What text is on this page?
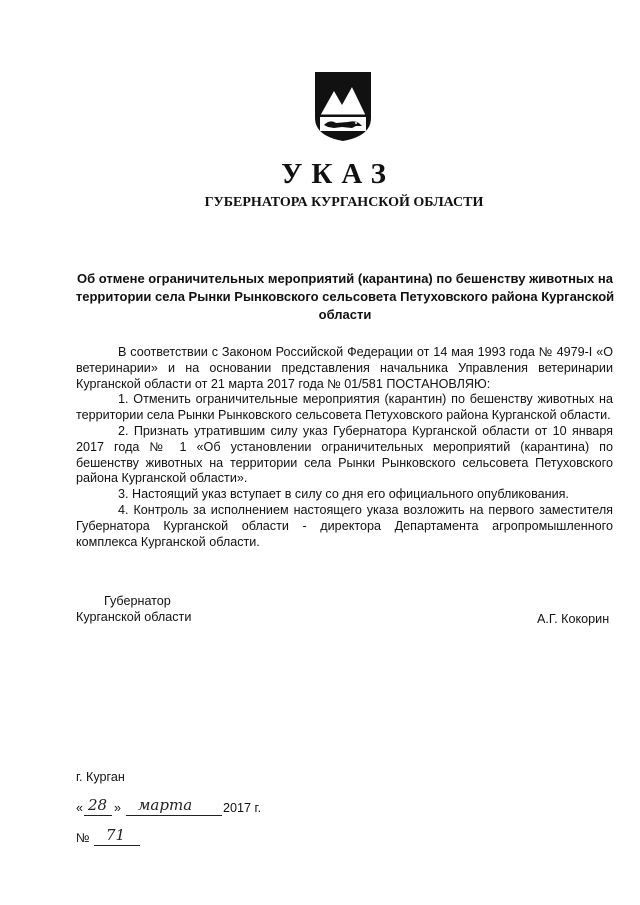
УКАЗ
ГУБЕРНАТОРА КУРГАНСКОЙ ОБЛАСТИ
Об отмене ограничительных мероприятий (карантина) по бешенству животных на территории села Рынки Рынковского сельсовета Петуховского района Курганской области

В соответствии с Законом Российской Федерации от 14 мая 1993 года № 4979-I «О ветеринарии» и на основании представления начальника Управления ветеринарии Курганской области от 21 марта 2017 года № 01/581 ПОСТАНОВЛЯЮ:

1. Отменить ограничительные мероприятия (карантин) по бешенству животных на территории села Рынки Рынковского сельсовета Петуховского района Курганской области.

2. Признать утратившим силу указ Губернатора Курганской области от 10 января 2017 года № 1 «Об установлении ограничительных мероприятий (карантина) по бешенству животных на территории села Рынки Рынковского сельсовета Петуховского района Курганской области».

3. Настоящий указ вступает в силу со дня его официального опубликования.

4. Контроль за исполнением настоящего указа возложить на первого заместителя Губернатора Курганской области - директора Департамента агропромышленного комплекса Курганской области.

Губернатор
Курганской области	А.Г. Кокорин
г. Курган
« 28 » марта 2017 г.
№ 71
